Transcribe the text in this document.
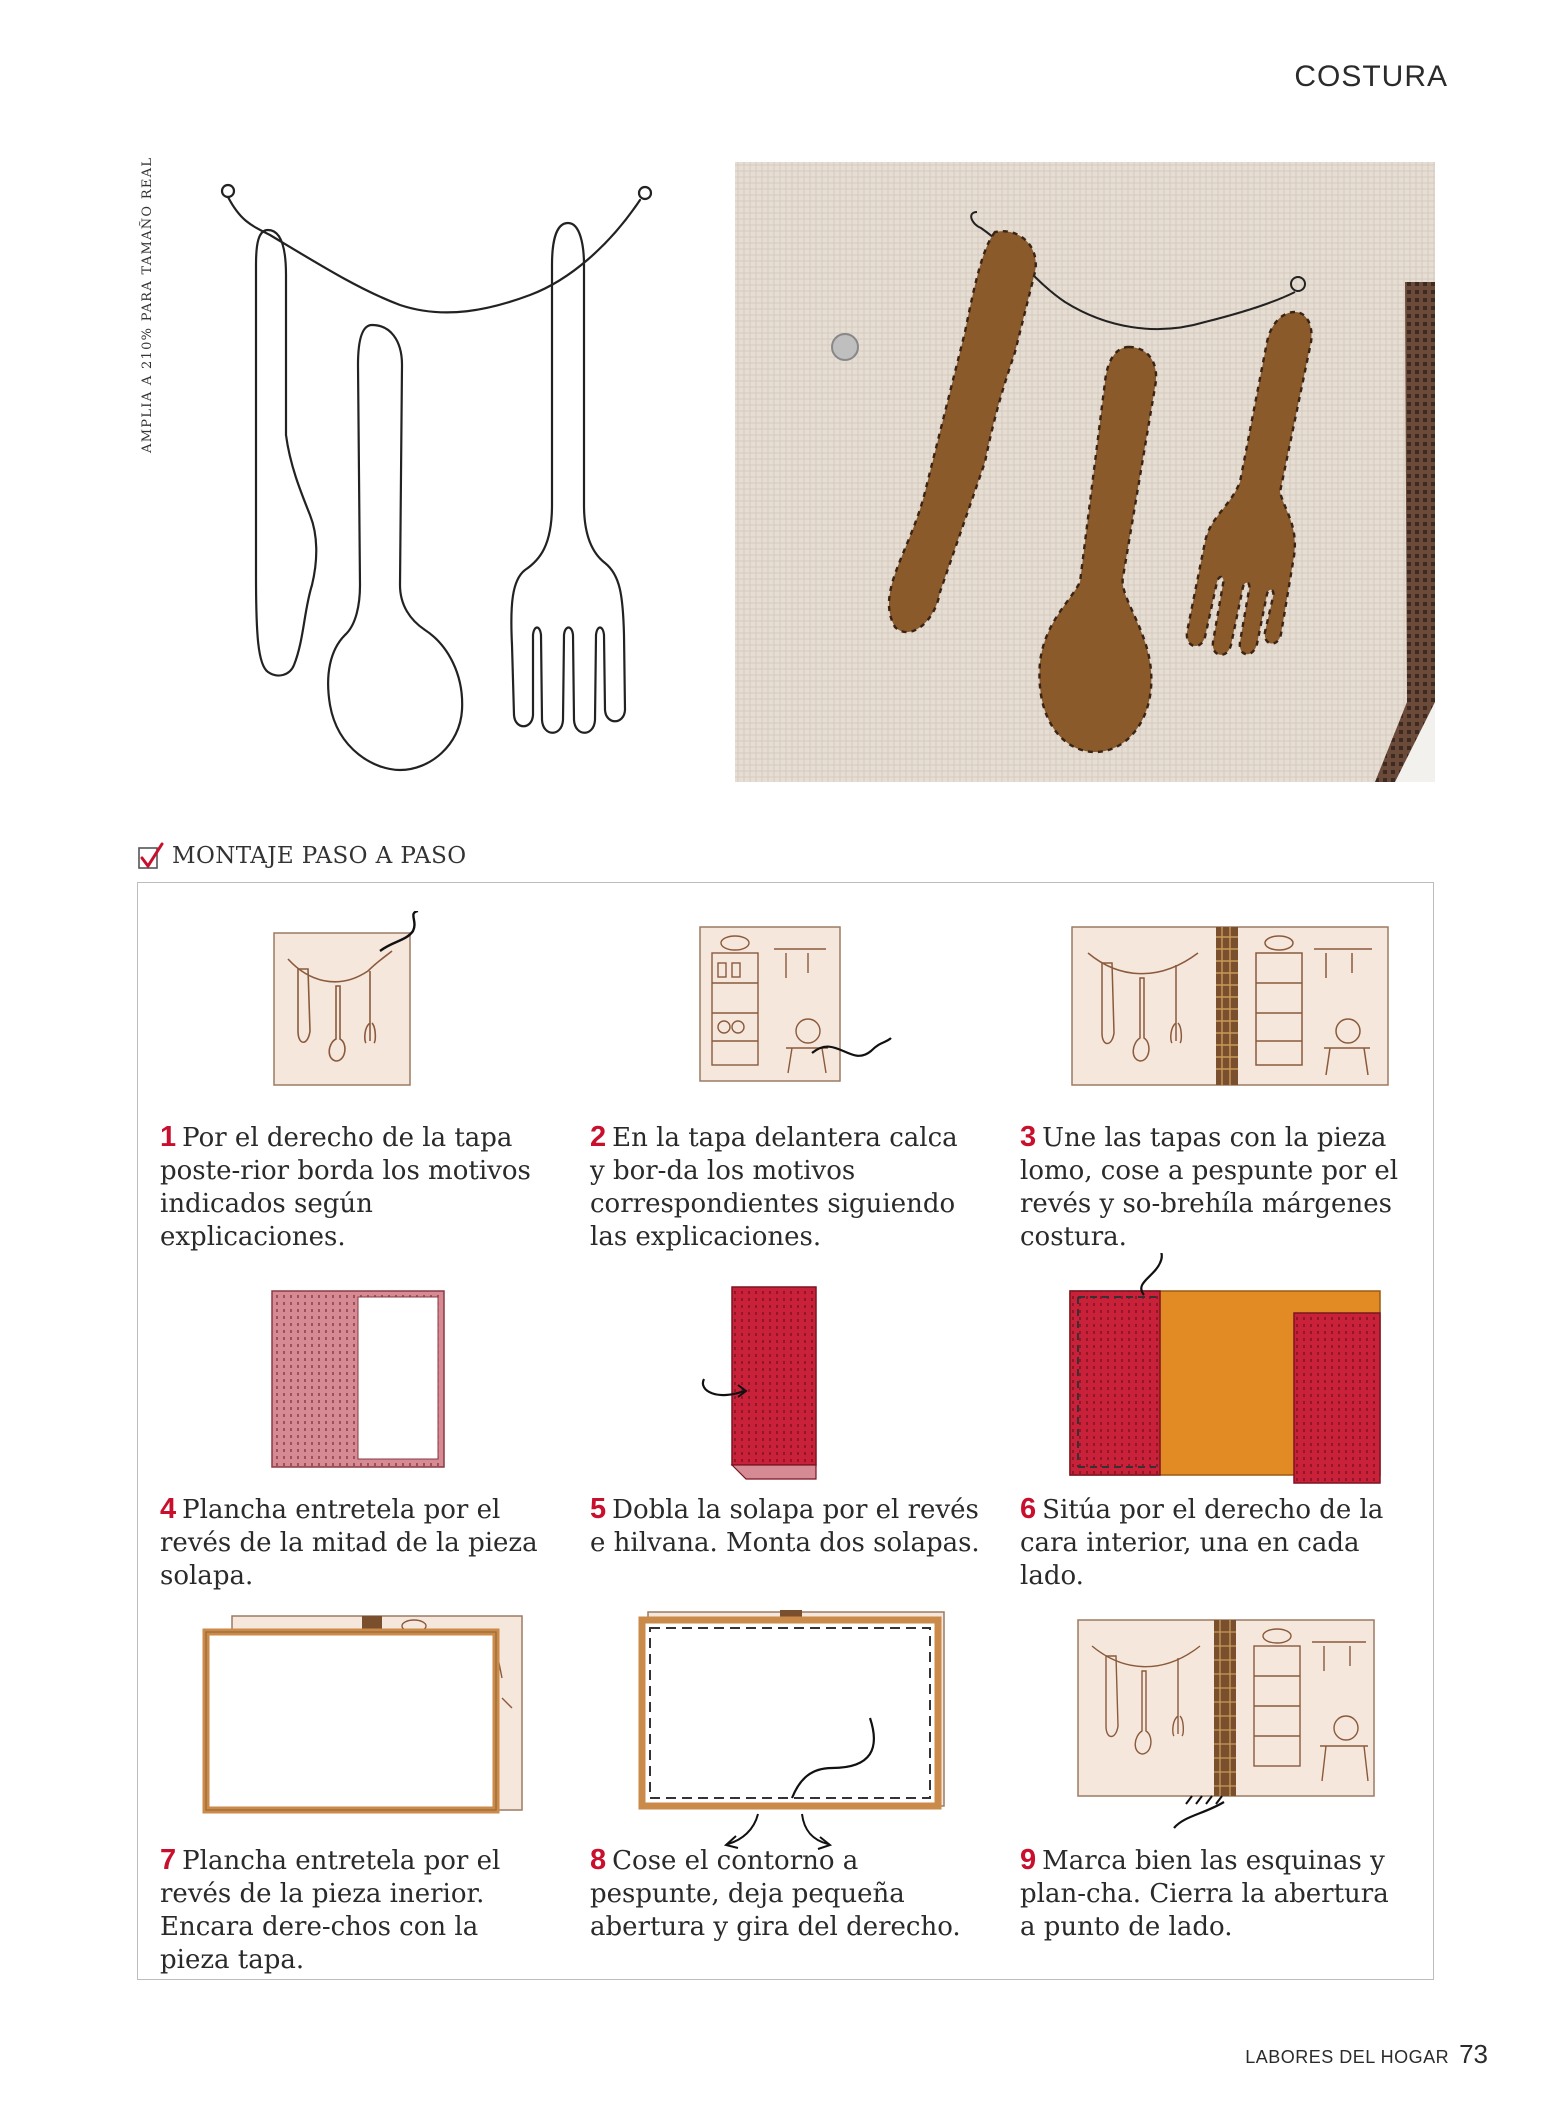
COSTURA
AMPLIA A 210% PARA TAMAÑO REAL
MONTAJE PASO A PASO
1 Por el derecho de la tapa poste-rior borda los motivos indicados según explicaciones.
2 En la tapa delantera calca y bor-da los motivos correspondientes siguiendo las explicaciones.
3 Une las tapas con la pieza lomo, cose a pespunte por el revés y so-brehíla márgenes costura.
4 Plancha entretela por el revés de la mitad de la pieza solapa.
5 Dobla la solapa por el revés e hilvana. Monta dos solapas.
6 Sitúa por el derecho de la cara interior, una en cada lado.
7 Plancha entretela por el revés de la pieza inerior. Encara dere-chos con la pieza tapa.
8 Cose el contorno a pespunte, deja pequeña abertura y gira del derecho.
9 Marca bien las esquinas y plan-cha. Cierra la abertura a punto de lado.
LABORES DEL HOGAR 73
